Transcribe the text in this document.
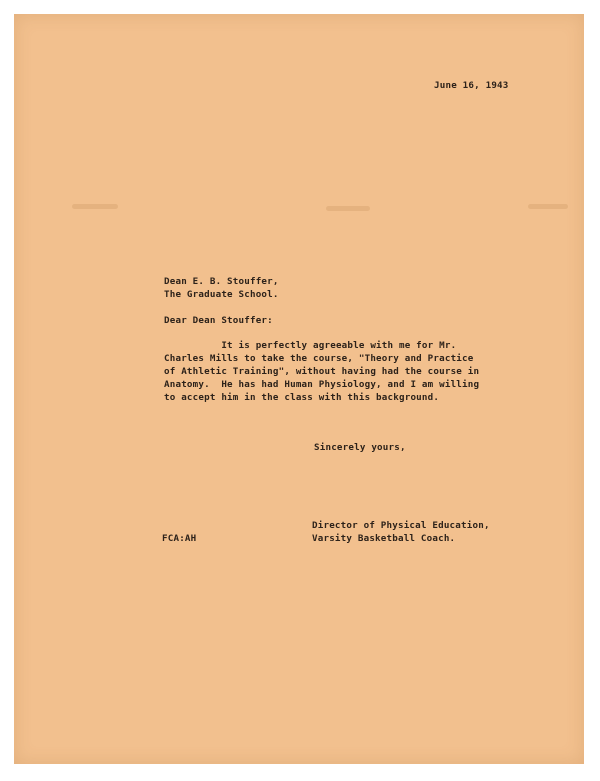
June 16, 1943
Dean E. B. Stouffer,
The Graduate School.
Dear Dean Stouffer:
It is perfectly agreeable with me for Mr.
Charles Mills to take the course, "Theory and Practice
of Athletic Training", without having had the course in
Anatomy.  He has had Human Physiology, and I am willing
to accept him in the class with this background.
Sincerely yours,
Director of Physical Education,
Varsity Basketball Coach.
FCA:AH
